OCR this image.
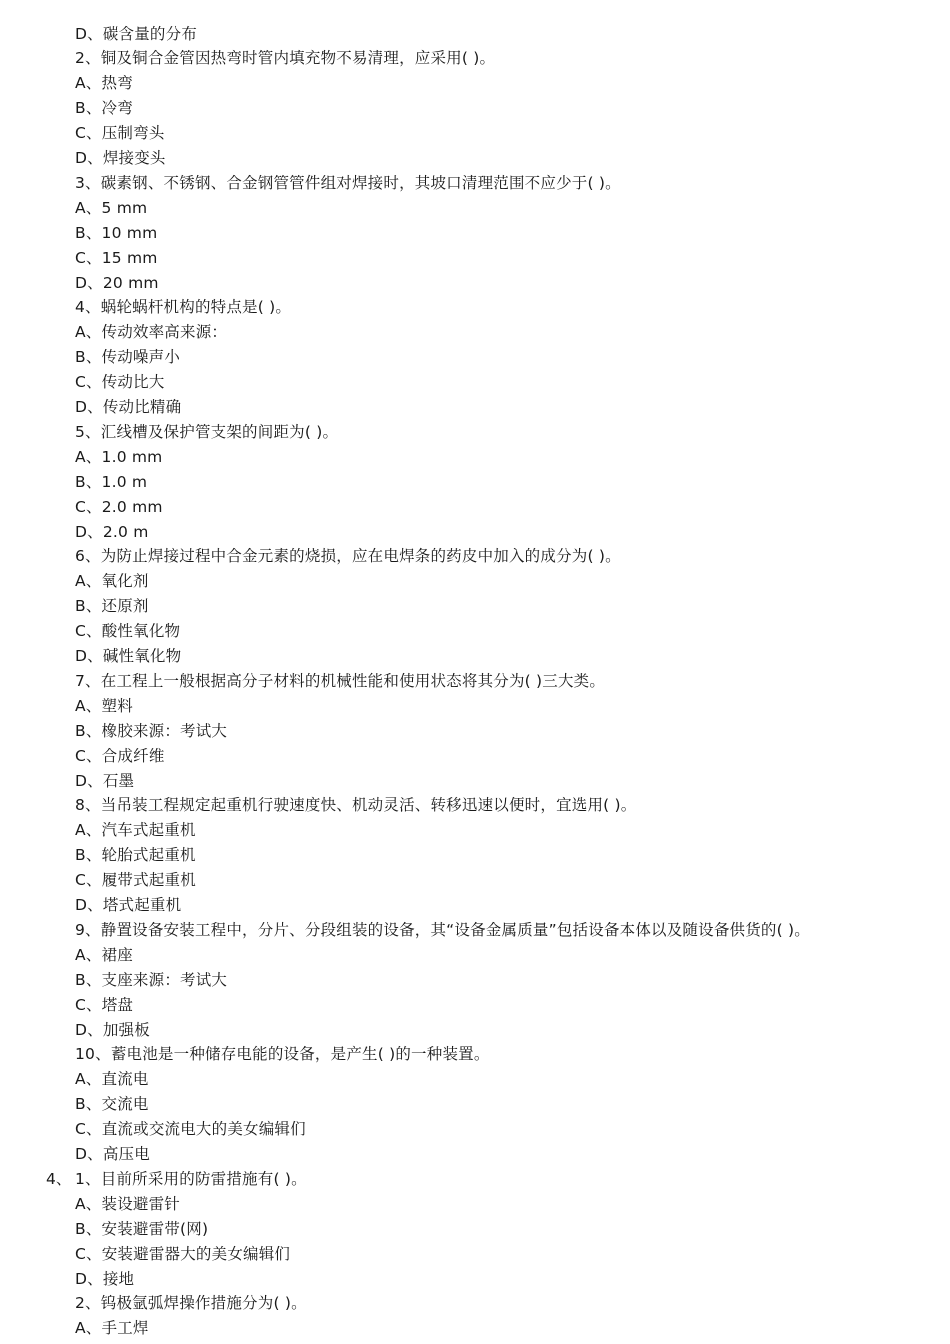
D、碳含量的分布
2、铜及铜合金管因热弯时管内填充物不易清理，应采用( )。
A、热弯
B、冷弯
C、压制弯头
D、焊接变头
3、碳素钢、不锈钢、合金钢管管件组对焊接时，其坡口清理范围不应少于( )。
A、5 mm
B、10 mm
C、15 mm
D、20 mm
4、蜗轮蜗杆机构的特点是( )。
A、传动效率高来源：
B、传动噪声小
C、传动比大
D、传动比精确
5、汇线槽及保护管支架的间距为( )。
A、1.0 mm
B、1.0 m
C、2.0 mm
D、2.0 m
6、为防止焊接过程中合金元素的烧损，应在电焊条的药皮中加入的成分为( )。
A、氧化剂
B、还原剂
C、酸性氧化物
D、碱性氧化物
7、在工程上一般根据高分子材料的机械性能和使用状态将其分为( )三大类。
A、塑料
B、橡胶来源：考试大
C、合成纤维
D、石墨
8、当吊装工程规定起重机行驶速度快、机动灵活、转移迅速以便时，宜选用( )。
A、汽车式起重机
B、轮胎式起重机
C、履带式起重机
D、塔式起重机
9、静置设备安装工程中，分片、分段组装的设备，其“设备金属质量”包括设备本体以及随设备供货的( )。
A、裙座
B、支座来源：考试大
C、塔盘
D、加强板
10、蓄电池是一种储存电能的设备，是产生( )的一种装置。
A、直流电
B、交流电
C、直流或交流电大的美女编辑们
D、高压电
1、目前所采用的防雷措施有( )。
A、装设避雷针
B、安装避雷带(网)
C、安装避雷器大的美女编辑们
D、接地
2、钨极氩弧焊操作措施分为( )。
A、手工焊
4、
